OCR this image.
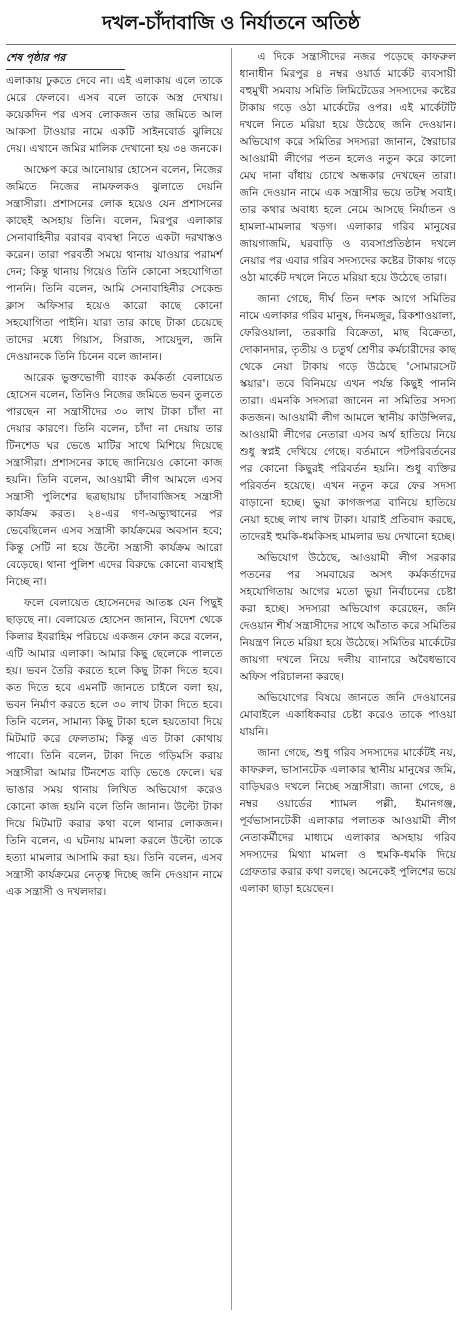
দখল-চাঁদাবাজি ও নির্যাতনে অতিষ্ঠ
শেষ পৃষ্ঠার পর

এলাকায় ঢুকতে দেবে না। এই এলাকায় এলে তাকে মেরে ফেলবে। এসব বলে তাকে অস্ত্র দেখায়। কয়েকদিন পর এসব লোকজন তার জমিতে আল আকসা টাওয়ার নামে একটি সাইনবোর্ড ঝুলিয়ে দেয়। এখানে জমির মালিক দেখানো হয় ৩৪ জনকে।

আক্ষেপ করে আনোয়ার হোসেন বলেন, নিজের জমিতে নিজের নামফলকও ঝুলাতে দেয়নি সন্ত্রাসীরা। প্রশাসনের লোক হয়েও যেন প্রশাসনের কাছেই অসহায় তিনি। বলেন, মিরপুর এলাকার সেনাবাহিনীর বরাবর ব্যবস্থা নিতে একটা দরখাস্তও করেন। তারা পরবর্তী সময়ে থানায় যাওয়ার পরামর্শ দেন; কিন্তু থানায় গিয়েও তিনি কোনো সহযোগিতা পাননি। তিনি বলেন, আমি সেনাবাহিনীর সেকেন্ড ক্লাস অফিসার হয়েও কারো কাছে কোনো সহযোগিতা পাইনি। যারা তার কাছে টাকা চেয়েছে তাদের মধ্যে গিয়াস, সিরাজ, সায়েদুল, জনি দেওয়ানকে তিনি চিনেন বলে জানান।

আরেক ভুক্তভোগী ব্যাংক কর্মকর্তা বেলায়েত হোসেন বলেন, তিনিও নিজের জমিতে ভবন তুলতে পারছেন না সন্ত্রাসীদের ৩০ লাখ টাকা চাঁদা না দেয়ার কারণে। তিনি বলেন, চাঁদা না দেয়ায় তার টিনশেড ঘর ভেঙে মাটির সাথে মিশিয়ে দিয়েছে সন্ত্রাসীরা। প্রশাসনের কাছে জানিয়েও কোনো কাজ হয়নি। তিনি বলেন, আওয়ামী লীগ আমলে এসব সন্ত্রাসী পুলিশের ছত্রছায়ায় চাঁদাবাজিসহ সন্ত্রাসী কার্যক্রম করত। ২৪-এর গণ-অভ্যুত্থানের পর ভেবেছিলেন এসব সন্ত্রাসী কার্যক্রমের অবসান হবে; কিন্তু সেটি না হয়ে উল্টো সন্ত্রাসী কার্যক্রম আরো বেড়েছে। থানা পুলিশ এদের বিরুদ্ধে কোনো ব্যবস্থাই নিচ্ছে না।

ফলে বেলায়েত হোসেনদের আতঙ্ক যেন পিছুই ছাড়ছে না। বেলায়েত হোসেন জানান, বিদেশ থেকে কিলার ইবরাহিম পরিচয়ে একজন ফোন করে বলেন, এটি আমার এলাকা। আমার কিছু ছেলেকে পালতে হয়। ভবন তৈরি করতে হলে কিছু টাকা দিতে হবে। কত দিতে হবে এমনটি জানতে চাইলে বলা হয়, ভবন নির্মাণ করতে হলে ৩০ লাখ টাকা দিতে হবে। তিনি বলেন, সামান্য কিছু টাকা হলে হয়তোবা দিয়ে মিটমাট করে ফেলতাম; কিন্তু এত টাকা কোথায় পাবো। তিনি বলেন, টাকা দিতে গড়িমসি করায় সন্ত্রাসীরা আমার টিনশেড বাড়ি ভেঙে ফেলে। ঘর ভাঙার সময় থানায় লিখিত অভিযোগ করেও কোনো কাজ হয়নি বলে তিনি জানান। উল্টো টাকা দিয়ে মিটমাট করার কথা বলে থানার লোকজন। তিনি বলেন, এ ঘটনায় মামলা করলে উল্টো তাকে হত্যা মামলার আসামি করা হয়। তিনি বলেন, এসব সন্ত্রাসী কার্যক্রমের নেতৃত্ব দিচ্ছে জনি দেওয়ান নামে এক সন্ত্রাসী ও দখলদার।

এ দিকে সন্ত্রাসীদের নজর পড়েছে কাফরুল ধানাধীন মিরপুর ৪ নম্বর ওয়ার্ড মার্কেট ব্যবসায়ী বহুমুখী সমবায় সমিতি লিমিটেডের সদস্যদের কষ্টের টাকায় গড়ে ওঠা মার্কেটের ওপর। এই মার্কেটটি দখলে নিতে মরিয়া হয়ে উঠেছে জনি দেওয়ান। অভিযোগ করে সমিতির সদস্যরা জানান, স্বৈরাচার আওয়ামী লীগের পতন হলেও নতুন করে কালো মেঘ দানা বাঁধায় চোখে অন্ধকার দেখছেন তারা। জনি দেওয়ান নামে এক সন্ত্রাসীর ভয়ে তটস্থ সবাই। তার কথার অবাধ্য হলে নেমে আসছে নির্যাতন ও হামলা-মামলার খড়গ। এলাকার গরিব মানুষের জায়গাজমি, ঘরবাড়ি ও ব্যবসাপ্রতিষ্ঠান দখলে নেয়ার পর এবার গরিব সদস্যদের কষ্টের টাকায় গড়ে ওঠা মার্কেট দখলে নিতে মরিয়া হয়ে উঠেছে তারা।

জানা গেছে, দীর্ঘ তিন দশক আগে সমিতির নামে এলাকার গরিব মানুষ, দিনমজুর, রিকশাওয়ালা, ফেরিওয়ালা, তরকারি বিক্রেতা, মাছ বিক্রেতা, দোকানদার, তৃতীয় ও চতুর্থ শ্রেণীর কর্মচারীদের কাছ থেকে নেয়া টাকায় গড়ে উঠেছে 'সোমারসেট স্কয়ার'। তবে বিনিময়ে এখন পর্যন্ত কিছুই পাননি তারা। এমনকি সদস্যরা জানেন না সমিতির সদস্য কতজন। আওয়ামী লীগ আমলে স্থানীয় কাউন্সিলর, আওয়ামী লীগের নেতারা এসব অর্থ হাতিয়ে নিয়ে শুধু স্বপ্নই দেখিয়ে গেছে। বর্তমানে পটপরিবর্তনের পর কোনো কিছুরই পরিবর্তন হয়নি। শুধু ব্যক্তির পরিবর্তন হয়েছে। এখন নতুন করে ফের সদস্য বাড়ানো হচ্ছে। ভুয়া কাগজপত্র বানিয়ে হাতিয়ে নেয়া হচ্ছে লাখ লাখ টাকা। যারাই প্রতিবাদ করছে, তাদেরই হুমকি-ধমকিসহ মামলার ভয় দেখানো হচ্ছে।

অভিযোগ উঠেছে, আওয়ামী লীগ সরকার পতনের পর সমবায়ের অসৎ কর্মকর্তাদের সহযোগিতায় আগের মতো ভুয়া নির্বাচনের চেষ্টা করা হচ্ছে। সদস্যরা অভিযোগ করেছেন, জনি দেওয়ান শীর্ষ সন্ত্রাসীদের সাথে আঁতাত করে সমিতির নিয়ন্ত্রণ নিতে মরিয়া হয়ে উঠেছে। সমিতির মার্কেটের জায়গা দখলে নিয়ে দলীয় ব্যানারে অবৈধভাবে অফিস পরিচালনা করছে।

অভিযোগের বিষয়ে জানতে জনি দেওয়ানের মোবাইলে একাধিকবার চেষ্টা করেও তাকে পাওয়া যায়নি।

জানা গেছে, শুধু গরিব সদস্যদের মার্কেটই নয়, কাফরুল, ভাসানটেক এলাকার স্থানীয় মানুষের জমি, বাড়িঘরও দখলে নিচ্ছে সন্ত্রাসীরা। জানা গেছে, ৪ নম্বর ওয়ার্ডের শ্যামল পল্লী, ইমানগঞ্জ, পূর্বভাসানটেকী এলাকার পলাতক আওয়ামী লীগ নেতাকর্মীদের মাধ্যমে এলাকার অসহায় গরিব সদস্যদের মিথ্যা মামলা ও হুমকি-ধমকি দিয়ে গ্রেফতার করার কথা বলছে। অনেকেই পুলিশের ভয়ে এলাকা ছাড়া হয়েছেন।
